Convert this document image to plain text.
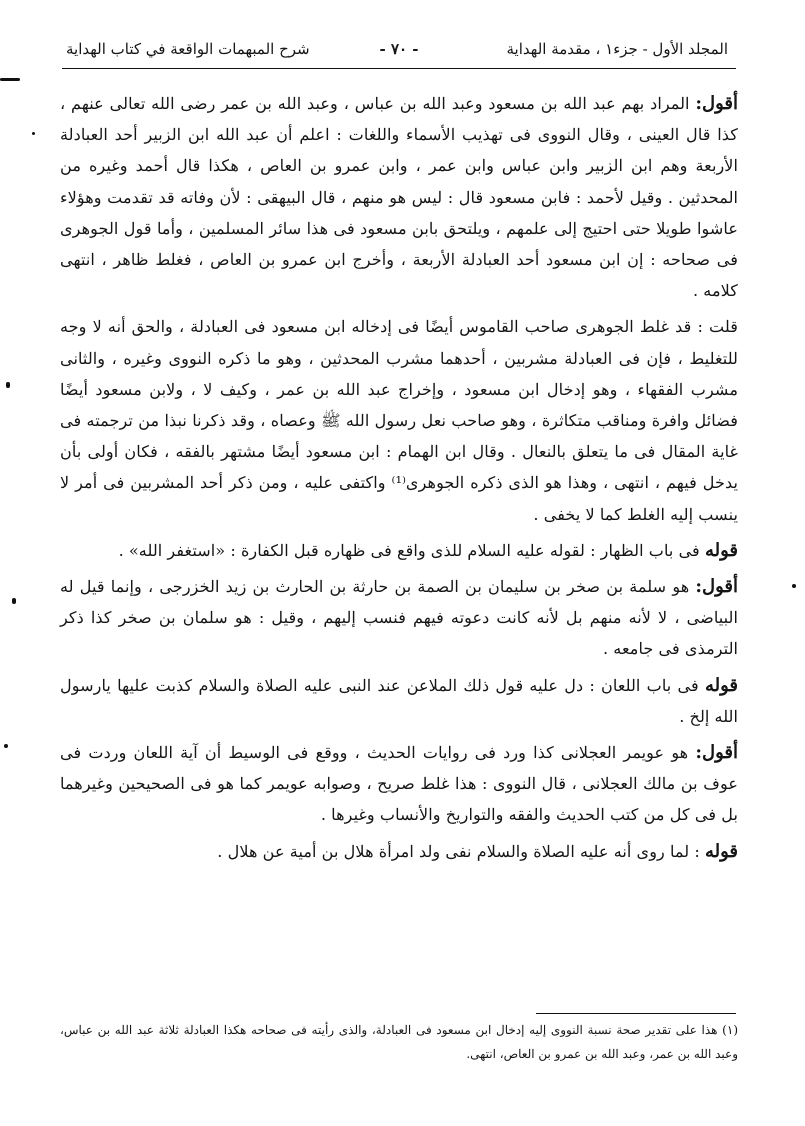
المجلد الأول - جزء١ ، مقدمة الهداية
- ٧٠ -
شرح المبهمات الواقعة في كتاب الهداية

أقول: المراد بهم عبد الله بن مسعود وعبد الله بن عباس ، وعبد الله بن عمر رضى الله تعالى عنهم ، كذا قال العينى ، وقال النووى فى تهذيب الأسماء واللغات : اعلم أن عبد الله ابن الزبير أحد العبادلة الأربعة وهم ابن الزبير وابن عباس وابن عمر ، وابن عمرو بن العاص ، هكذا قال أحمد وغيره من المحدثين . وقيل لأحمد : فابن مسعود قال : ليس هو منهم ، قال البيهقى : لأن وفاته قد تقدمت وهؤلاء عاشوا طويلا حتى احتيج إلى علمهم ، ويلتحق بابن مسعود فى هذا سائر المسلمين ، وأما قول الجوهرى فى صحاحه : إن ابن مسعود أحد العبادلة الأربعة ، وأخرج ابن عمرو بن العاص ، فغلط ظاهر ، انتهى كلامه .

قلت : قد غلط الجوهرى صاحب القاموس أيضًا فى إدخاله ابن مسعود فى العبادلة ، والحق أنه لا وجه للتغليط ، فإن فى العبادلة مشربين ، أحدهما مشرب المحدثين ، وهو ما ذكره النووى وغيره ، والثانى مشرب الفقهاء ، وهو إدخال ابن مسعود ، وإخراج عبد الله بن عمر ، وكيف لا ، ولابن مسعود أيضًا فضائل وافرة ومناقب متكاثرة ، وهو صاحب نعل رسول الله ﷺ وعصاه ، وقد ذكرنا نبذا من ترجمته فى غاية المقال فى ما يتعلق بالنعال . وقال ابن الهمام : ابن مسعود أيضًا مشتهر بالفقه ، فكان أولى بأن يدخل فيهم ، انتهى ، وهذا هو الذى ذكره الجوهرى⁽¹⁾ واكتفى عليه ، ومن ذكر أحد المشربين فى أمر لا ينسب إليه الغلط كما لا يخفى .

قوله فى باب الظهار : لقوله عليه السلام للذى واقع فى ظهاره قبل الكفارة : «استغفر الله» .

أقول: هو سلمة بن صخر بن سليمان بن الصمة بن حارثة بن الحارث بن زيد الخزرجى ، وإنما قيل له البياضى ، لا لأنه منهم بل لأنه كانت دعوته فيهم فنسب إليهم ، وقيل : هو سلمان بن صخر كذا ذكر الترمذى فى جامعه .

قوله فى باب اللعان : دل عليه قول ذلك الملاعن عند النبى عليه الصلاة والسلام كذبت عليها يارسول الله إلخ .

أقول: هو عويمر العجلانى كذا ورد فى روايات الحديث ، ووقع فى الوسيط أن آية اللعان وردت فى عوف بن مالك العجلانى ، قال النووى : هذا غلط صريح ، وصوابه عويمر كما هو فى الصحيحين وغيرهما بل فى كل من كتب الحديث والفقه والتواريخ والأنساب وغيرها .

قوله : لما روى أنه عليه الصلاة والسلام نفى ولد امرأة هلال بن أمية عن هلال .

(١) هذا على تقدير صحة نسبة النووى إليه إدخال ابن مسعود فى العبادلة، والذى رأيته فى صحاحه هكذا العبادلة ثلاثة عبد الله بن عباس، وعبد الله بن عمر، وعبد الله بن عمرو بن العاص، انتهى.
